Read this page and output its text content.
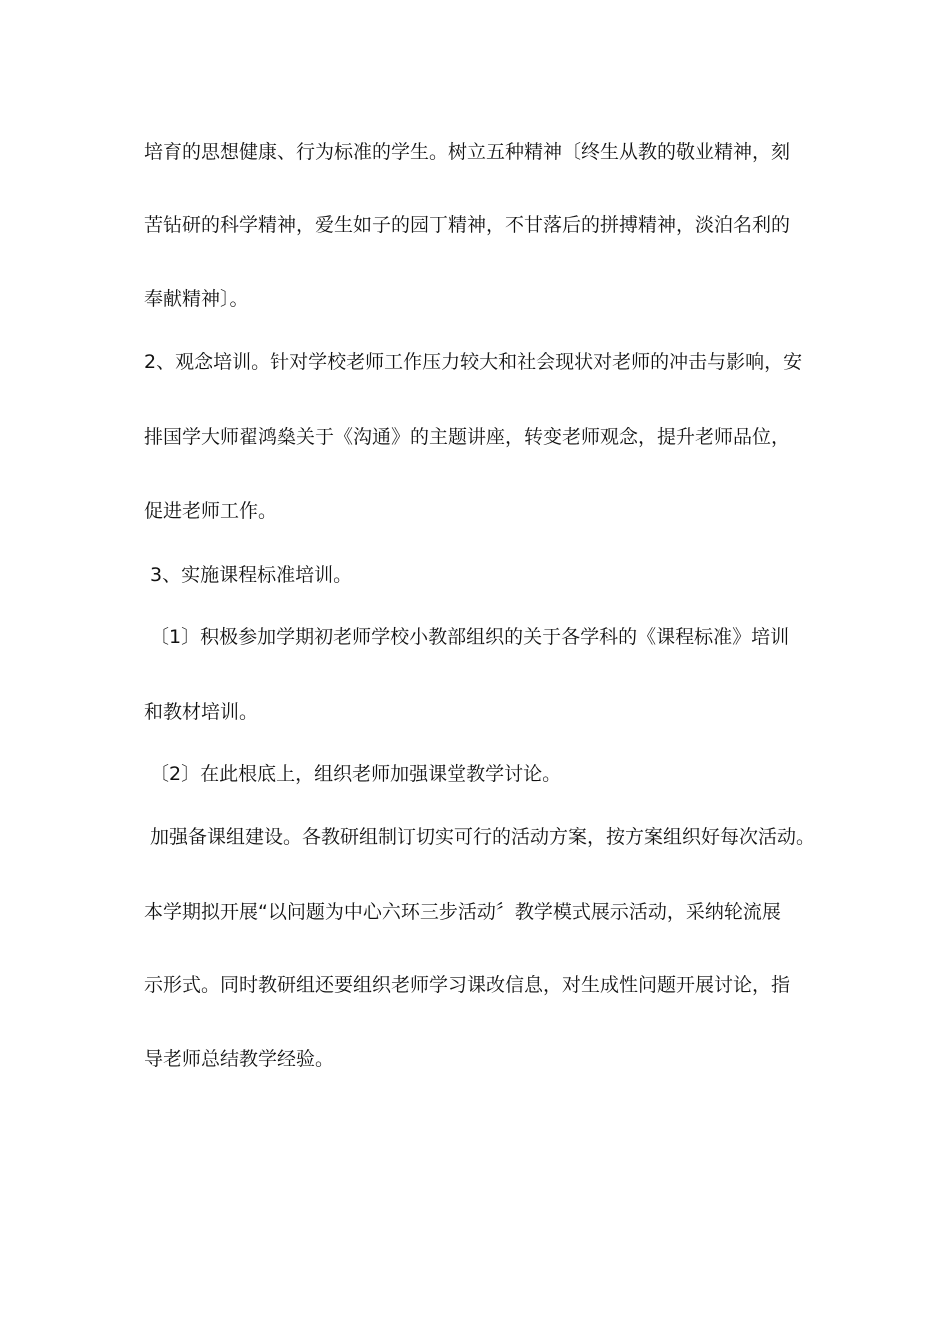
培育的思想健康、行为标准的学生。树立五种精神〔终生从教的敬业精神，刻
苦钻研的科学精神，爱生如子的园丁精神，不甘落后的拼搏精神，淡泊名利的
奉献精神〕。
2、观念培训。针对学校老师工作压力较大和社会现状对老师的冲击与影响，安
排国学大师翟鸿燊关于《沟通》的主题讲座，转变老师观念，提升老师品位，
促进老师工作。
3、实施课程标准培训。
〔1〕积极参加学期初老师学校小教部组织的关于各学科的《课程标准》培训
和教材培训。
〔2〕在此根底上，组织老师加强课堂教学讨论。
加强备课组建设。各教研组制订切实可行的活动方案，按方案组织好每次活动。
本学期拟开展“以问题为中心六环三步活动〞教学模式展示活动，采纳轮流展
示形式。同时教研组还要组织老师学习课改信息，对生成性问题开展讨论，指
导老师总结教学经验。
